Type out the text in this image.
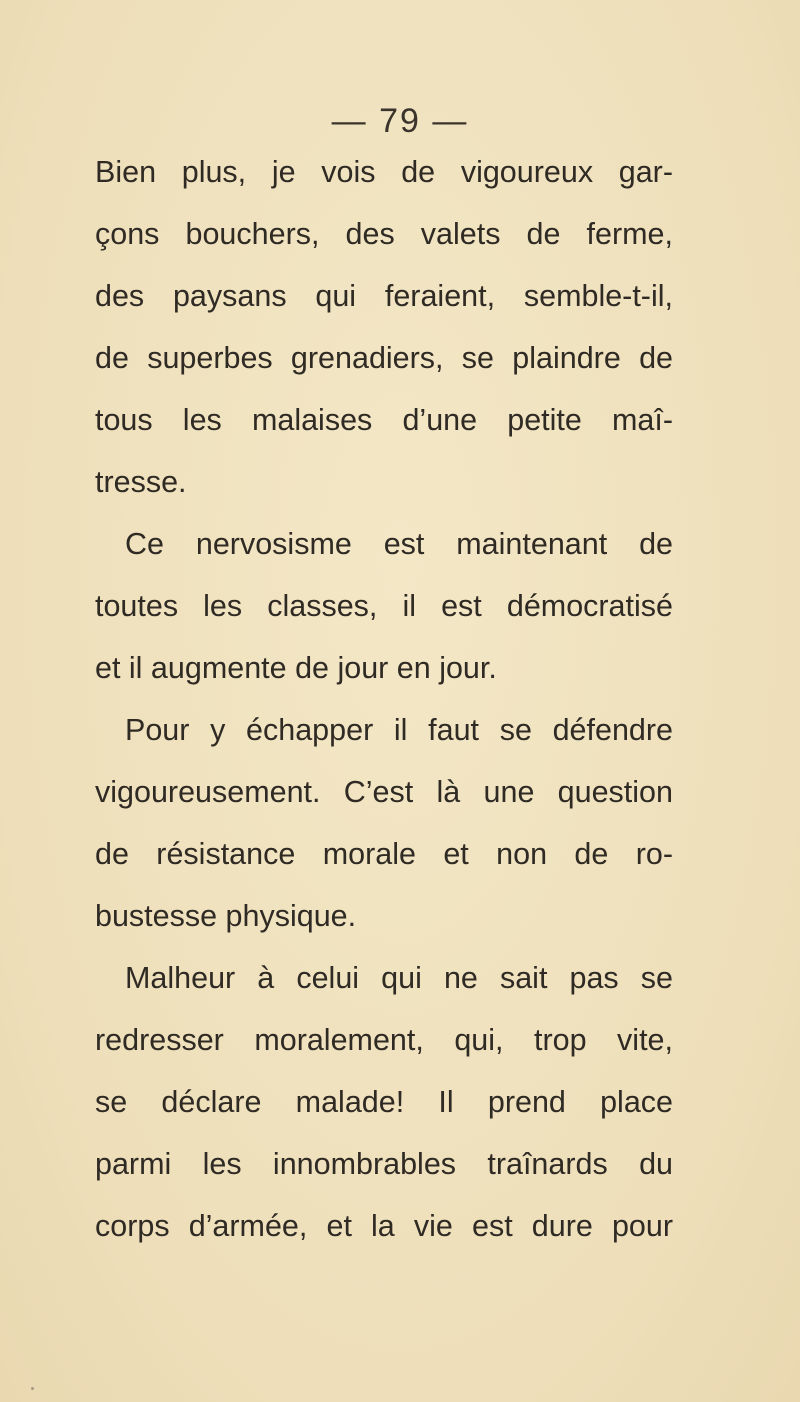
— 79 —
Bien plus, je vois de vigoureux gar-
çons bouchers, des valets de ferme,
des paysans qui feraient, semble-t-il,
de superbes grenadiers, se plaindre de
tous les malaises d’une petite maî-
tresse.
Ce nervosisme est maintenant de
toutes les classes, il est démocratisé
et il augmente de jour en jour.
Pour y échapper il faut se défendre
vigoureusement. C’est là une question
de résistance morale et non de ro-
bustesse physique.
Malheur à celui qui ne sait pas se
redresser moralement, qui, trop vite,
se déclare malade! Il prend place
parmi les innombrables traînards du
corps d’armée, et la vie est dure pour
